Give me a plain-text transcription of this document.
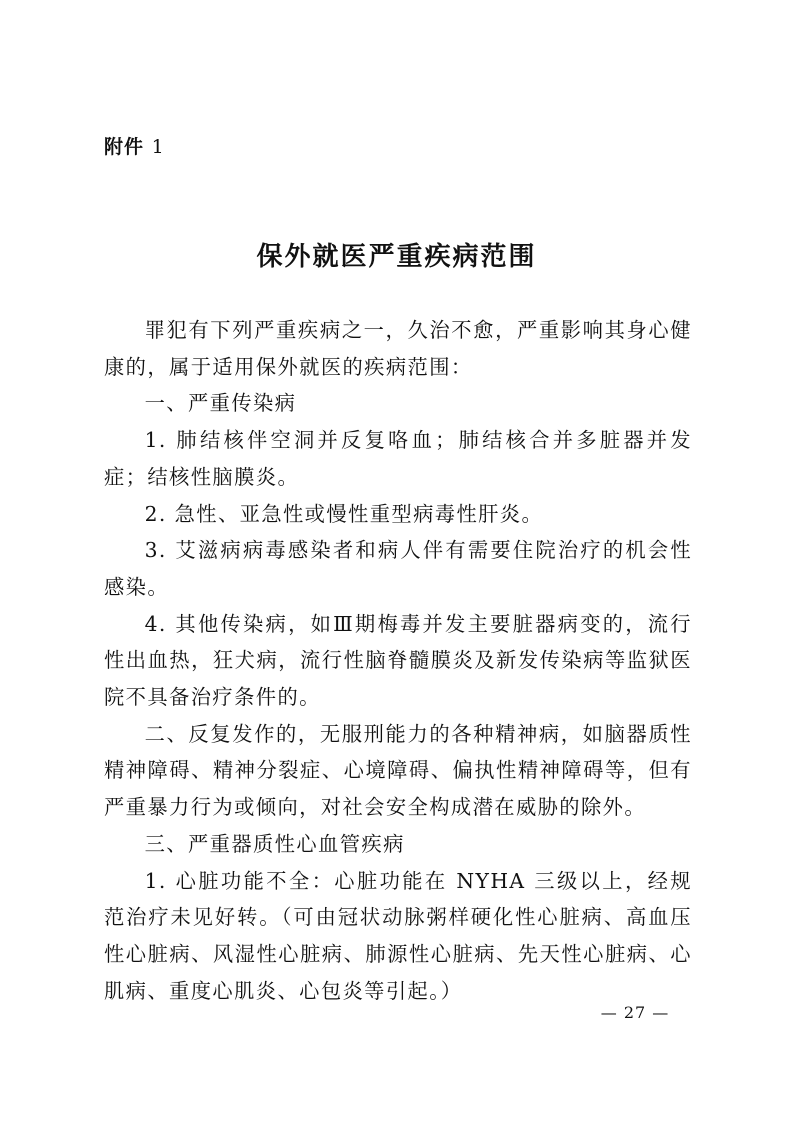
附件 1
保外就医严重疾病范围

罪犯有下列严重疾病之一，久治不愈，严重影响其身心健康的，属于适用保外就医的疾病范围：

一、严重传染病

1. 肺结核伴空洞并反复咯血；肺结核合并多脏器并发症；结核性脑膜炎。

2. 急性、亚急性或慢性重型病毒性肝炎。

3. 艾滋病病毒感染者和病人伴有需要住院治疗的机会性感染。

4. 其他传染病，如Ⅲ期梅毒并发主要脏器病变的，流行性出血热，狂犬病，流行性脑脊髓膜炎及新发传染病等监狱医院不具备治疗条件的。

二、反复发作的，无服刑能力的各种精神病，如脑器质性精神障碍、精神分裂症、心境障碍、偏执性精神障碍等，但有严重暴力行为或倾向，对社会安全构成潜在威胁的除外。

三、严重器质性心血管疾病

1. 心脏功能不全：心脏功能在 NYHA 三级以上，经规范治疗未见好转。（可由冠状动脉粥样硬化性心脏病、高血压性心脏病、风湿性心脏病、肺源性心脏病、先天性心脏病、心肌病、重度心肌炎、心包炎等引起。）

— 27 —
